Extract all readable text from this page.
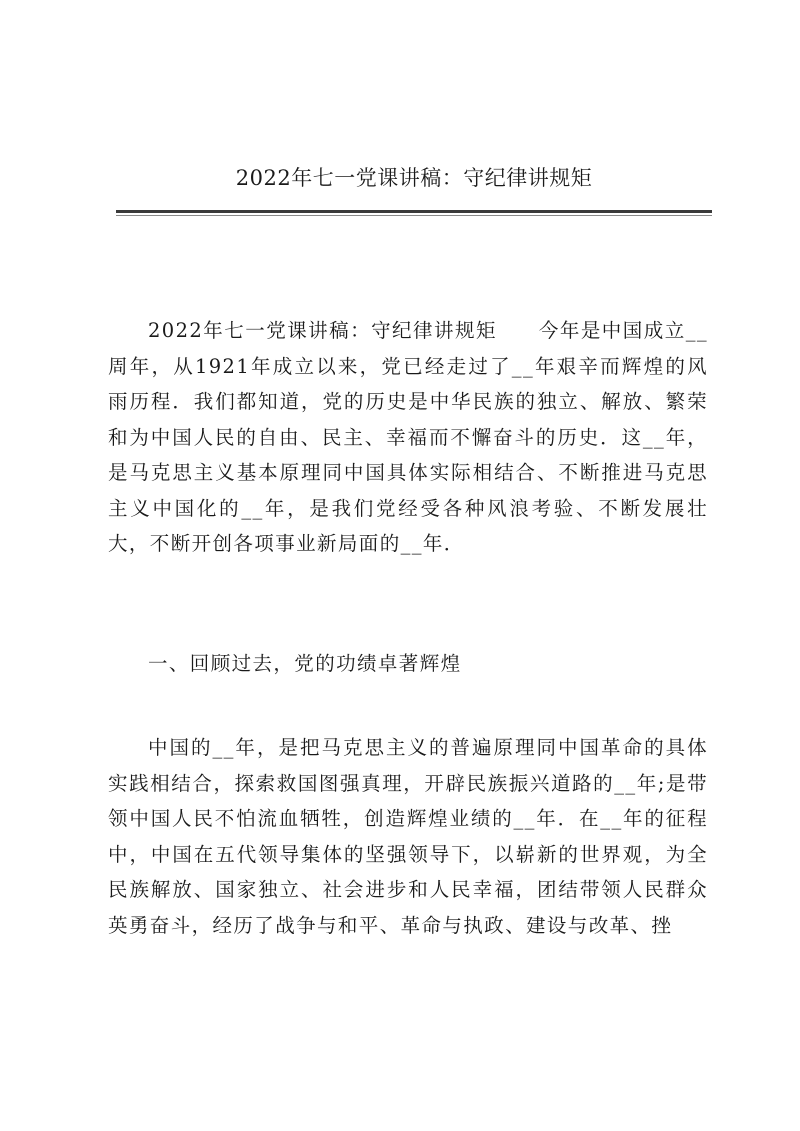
2022年七一党课讲稿：守纪律讲规矩

2022年七一党课讲稿：守纪律讲规矩　　今年是中国成立__周年，从1921年成立以来，党已经走过了__年艰辛而辉煌的风雨历程．我们都知道，党的历史是中华民族的独立、解放、繁荣和为中国人民的自由、民主、幸福而不懈奋斗的历史．这__年，是马克思主义基本原理同中国具体实际相结合、不断推进马克思主义中国化的__年，是我们党经受各种风浪考验、不断发展壮大，不断开创各项事业新局面的__年．

一、回顾过去，党的功绩卓著辉煌

中国的__年，是把马克思主义的普遍原理同中国革命的具体实践相结合，探索救国图强真理，开辟民族振兴道路的__年;是带领中国人民不怕流血牺牲，创造辉煌业绩的__年．在__年的征程中，中国在五代领导集体的坚强领导下，以崭新的世界观，为全民族解放、国家独立、社会进步和人民幸福，团结带领人民群众英勇奋斗，经历了战争与和平、革命与执政、建设与改革、挫
